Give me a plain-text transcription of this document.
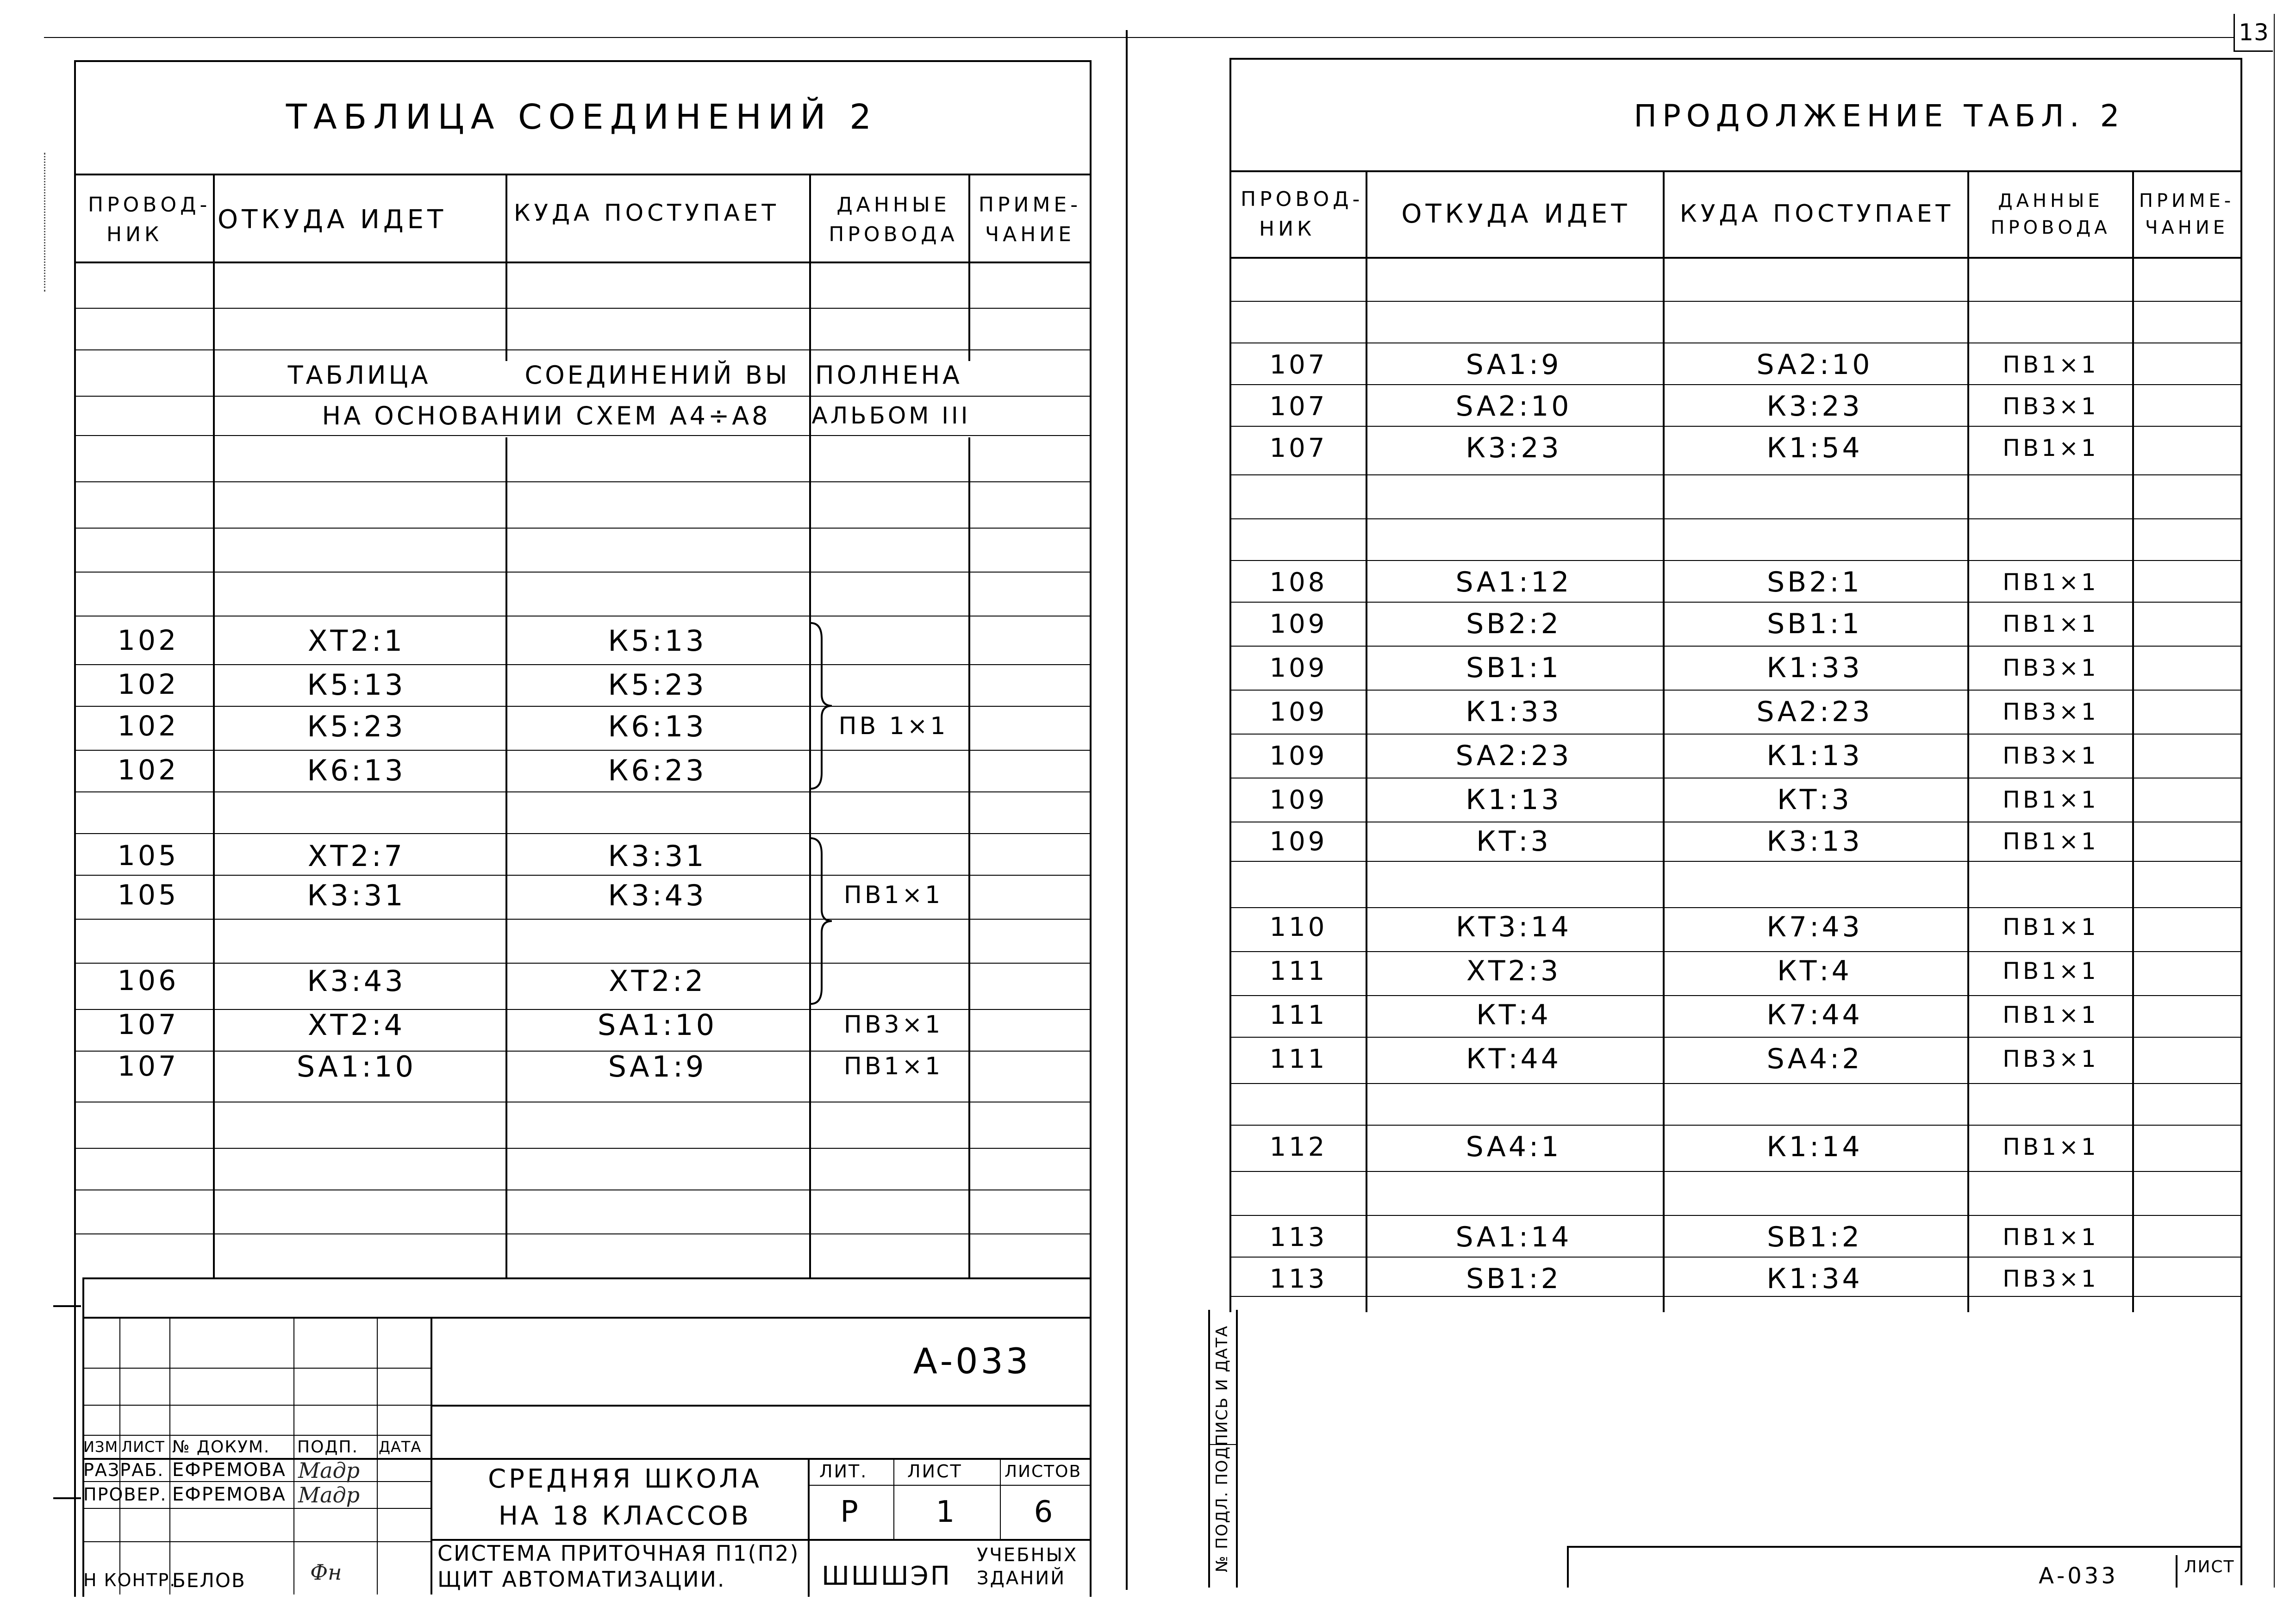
13
ТАБЛИЦА СОЕДИНЕНИЙ 2
ПРОВОД-
НИК	ОТКУДА ИДЕТ	КУДА ПОСТУПАЕТ	ДАННЫЕ
ПРОВОДА
ПРИМЕ-
ЧАНИЕ
ТАБЛИЦА	СОЕДИНЕНИЙ ВЫ	ПОЛНЕНА
НА ОСНОВАНИИ СХЕМ А4÷А8	АЛЬБОМ III
102	ХТ2:1	К5:13
102	К5:13	К5:23
102	К5:23	К6:13	ПВ 1×1
102	К6:13	К6:23
105	ХТ2:7	К3:31
105	К3:31	К3:43	ПВ1×1
106	К3:43	ХТ2:2
107	ХТ2:4	SA1:10	ПВ3×1
107	SA1:10	SA1:9	ПВ1×1
А-033
ИЗМ ЛИСТ № ДОКУМ. ПОДП. ДАТА
РАЗРАБ. ЕФРЕМОВА Мадр
ПРОВЕР. ЕФРЕМОВА Мадр
Н КОНТР.
БЕЛОВ	Фн
СРЕДНЯЯ ШКОЛА
НА 18 КЛАССОВ
ЛИТ. ЛИСТ	ЛИСТОВ
Р	1	6
СИСТЕМА ПРИТОЧНАЯ П1(П2)
ЩИТ АВТОМАТИЗАЦИИ.	ШШШЭП
УЧЕБНЫХ
ЗДАНИЙ
ПРОДОЛЖЕНИЕ ТАБЛ. 2
ПРОВОД-
НИК	ОТКУДА ИДЕТ	КУДА ПОСТУПАЕТ	ДАННЫЕ
ПРОВОДА
ПРИМЕ-
ЧАНИЕ
107	SA1:9	SA2:10	ПВ1×1
107	SA2:10	К3:23	ПВ3×1
107	К3:23	К1:54	ПВ1×1
108	SA1:12	SB2:1	ПВ1×1
109	SB2:2	SB1:1	ПВ1×1
109	SB1:1	К1:33	ПВ3×1
109	К1:33	SA2:23	ПВ3×1
109	SA2:23	К1:13	ПВ3×1
109	К1:13	КТ:3	ПВ1×1
109	КТ:3	К3:13	ПВ1×1
110	КТ3:14	К7:43	ПВ1×1
111	ХТ2:3	КТ:4	ПВ1×1
111	КТ:4	К7:44	ПВ1×1
111	КТ:44	SA4:2	ПВ3×1
112	SA4:1	К1:14	ПВ1×1
113	SA1:14	SB1:2	ПВ1×1
113	SB1:2	К1:34	ПВ3×1
№ ПОДЛ. ПОДПИСЬ И ДАТА
А-033	ЛИСТ
